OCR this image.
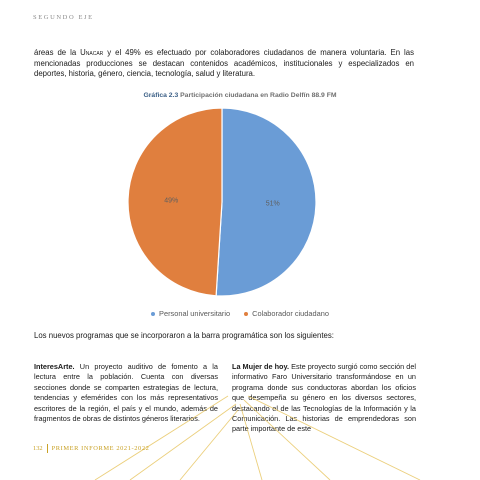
SEGUNDO EJE

áreas de la Unacar y el 49% es efectuado por colaboradores ciudadanos de manera voluntaria. En las mencionadas producciones se destacan contenidos académicos, institucionales y especializados en deportes, historia, género, ciencia, tecnología, salud y literatura.

Gráfica 2.3 Participación ciudadana en Radio Delfín 88.9 FM
51%
49%
Personal universitario	Colaborador ciudadano

Los nuevos programas que se incorporaron a la barra programática son los siguientes:

InteresArte. Un proyecto auditivo de fomento a la lectura entre la población. Cuenta con diversas secciones donde se comparten estrategias de lectura, tendencias y efemérides con los más representativos escritores de la región, el país y el mundo, además de fragmentos de obras de distintos géneros literarios.

La Mujer de hoy. Este proyecto surgió como sección del informativo Faro Universitario transformándose en un programa donde sus conductoras abordan los oficios que desempeña su género en los diversos sectores, destacando el de las Tecnologías de la Información y la Comunicación. Las historias de emprendedoras son parte importante de este

132 PRIMER INFORME 2021-2022
